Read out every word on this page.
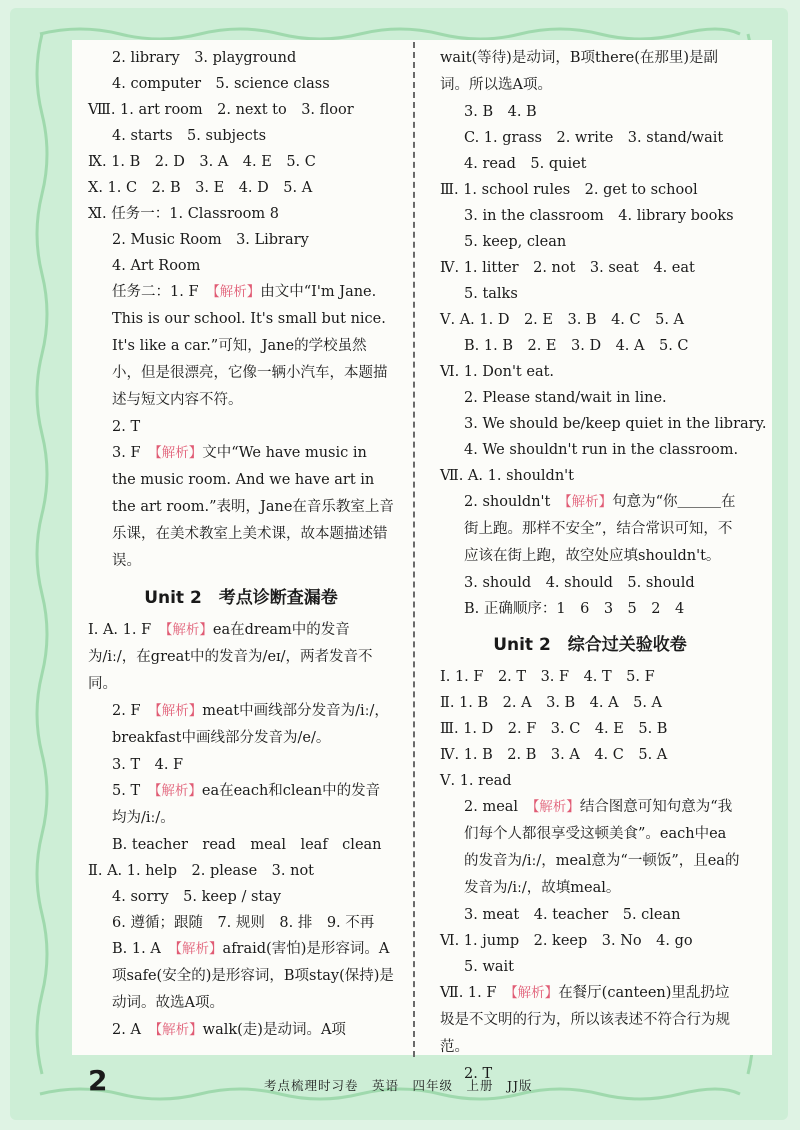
2. library　3. playground
4. computer　5. science class
Ⅷ. 1. art room　2. next to　3. floor
4. starts　5. subjects
Ⅸ. 1. B　2. D　3. A　4. E　5. C
Ⅹ. 1. C　2. B　3. E　4. D　5. A
Ⅺ. 任务一：1. Classroom 8
2. Music Room　3. Library
4. Art Room
任务二：1. F　【解析】由文中“I'm Jane. This is our school. It's small but nice. It's like a car.”可知，Jane的学校虽然小，但是很漂亮，它像一辆小汽车，本题描述与短文内容不符。
2. T
3. F　【解析】文中“We have music in the music room. And we have art in the art room.”表明，Jane在音乐教室上音乐课，在美术教室上美术课，故本题描述错误。
Unit 2　考点诊断查漏卷
Ⅰ. A. 1. F　【解析】ea在dream中的发音为/iː/，在great中的发音为/eɪ/，两者发音不同。
2. F　【解析】meat中画线部分发音为/iː/，breakfast中画线部分发音为/e/。
3. T　4. F
5. T　【解析】ea在each和clean中的发音均为/iː/。
B. teacher　read　meal　leaf　clean
Ⅱ. A. 1. help　2. please　3. not
4. sorry　5. keep / stay
6. 遵循；跟随　7. 规则　8. 排　9. 不再
B. 1. A　【解析】afraid(害怕)是形容词。A项safe(安全的)是形容词，B项stay(保持)是动词。故选A项。
2. A　【解析】walk(走)是动词。A项
wait(等待)是动词，B项there(在那里)是副词。所以选A项。
3. B　4. B
C. 1. grass　2. write　3. stand/wait
4. read　5. quiet
Ⅲ. 1. school rules　2. get to school
3. in the classroom　4. library books
5. keep, clean
Ⅳ. 1. litter　2. not　3. seat　4. eat
5. talks
Ⅴ. A. 1. D　2. E　3. B　4. C　5. A
B. 1. B　2. E　3. D　4. A　5. C
Ⅵ. 1. Don't eat.
2. Please stand/wait in line.
3. We should be/keep quiet in the library.
4. We shouldn't run in the classroom.
Ⅶ. A. 1. shouldn't
2. shouldn't　【解析】句意为“你＿＿＿在街上跑。那样不安全”，结合常识可知，不应该在街上跑，故空处应填shouldn't。
3. should　4. should　5. should
B. 正确顺序：1　6　3　5　2　4
Unit 2　综合过关验收卷
Ⅰ. 1. F　2. T　3. F　4. T　5. F
Ⅱ. 1. B　2. A　3. B　4. A　5. A
Ⅲ. 1. D　2. F　3. C　4. E　5. B
Ⅳ. 1. B　2. B　3. A　4. C　5. A
Ⅴ. 1. read
2. meal　【解析】结合图意可知句意为“我们每个人都很享受这顿美食”。each中ea的发音为/iː/，meal意为“一顿饭”，且ea的发音为/iː/，故填meal。
3. meat　4. teacher　5. clean
Ⅵ. 1. jump　2. keep　3. No　4. go
5. wait
Ⅶ. 1. F　【解析】在餐厅(canteen)里乱扔垃圾是不文明的行为，所以该表述不符合行为规范。
2. T
2	考点梳理时习卷　英语　四年级　上册　JJ版
